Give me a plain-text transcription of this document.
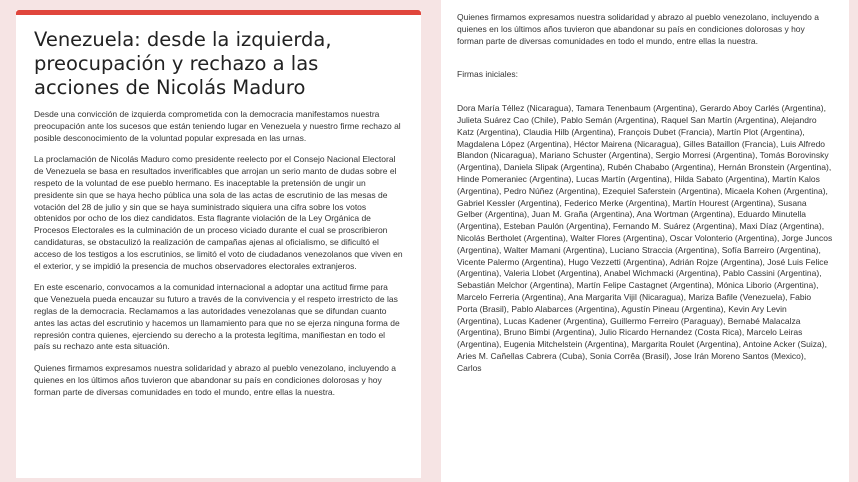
Venezuela: desde la izquierda, preocupación y rechazo a las acciones de Nicolás Maduro

Desde una convicción de izquierda comprometida con la democracia manifestamos nuestra preocupación ante los sucesos que están teniendo lugar en Venezuela y nuestro firme rechazo al posible desconocimiento de la voluntad popular expresada en las urnas.

La proclamación de Nicolás Maduro como presidente reelecto por el Consejo Nacional Electoral de Venezuela se basa en resultados inverificables que arrojan un serio manto de dudas sobre el respeto de la voluntad de ese pueblo hermano. Es inaceptable la pretensión de ungir un presidente sin que se haya hecho pública una sola de las actas de escrutinio de las mesas de votación del 28 de julio y sin que se haya suministrado siquiera una cifra sobre los votos obtenidos por ocho de los diez candidatos. Esta flagrante violación de la Ley Orgánica de Procesos Electorales es la culminación de un proceso viciado durante el cual se proscribieron candidaturas, se obstaculizó la realización de campañas ajenas al oficialismo, se dificultó el acceso de los testigos a los escrutinios, se limitó el voto de ciudadanos venezolanos que viven en el exterior, y se impidió la presencia de muchos observadores electorales extranjeros.

En este escenario, convocamos a la comunidad internacional a adoptar una actitud firme para que Venezuela pueda encauzar su futuro a través de la convivencia y el respeto irrestricto de las reglas de la democracia. Reclamamos a las autoridades venezolanas que se difundan cuanto antes las actas del escrutinio y hacemos un llamamiento para que no se ejerza ninguna forma de represión contra quienes, ejerciendo su derecho a la protesta legítima, manifiestan en todo el país su rechazo ante esta situación.

Quienes firmamos expresamos nuestra solidaridad y abrazo al pueblo venezolano, incluyendo a quienes en los últimos años tuvieron que abandonar su país en condiciones dolorosas y hoy forman parte de diversas comunidades en todo el mundo, entre ellas la nuestra.

Quienes firmamos expresamos nuestra solidaridad y abrazo al pueblo venezolano, incluyendo a quienes en los últimos años tuvieron que abandonar su país en condiciones dolorosas y hoy forman parte de diversas comunidades en todo el mundo, entre ellas la nuestra.

Firmas iniciales:

Dora María Téllez (Nicaragua), Tamara Tenenbaum (Argentina), Gerardo Aboy Carlés (Argentina), Julieta Suárez Cao (Chile), Pablo Semán (Argentina), Raquel San Martín (Argentina), Alejandro Katz (Argentina), Claudia Hilb (Argentina), François Dubet (Francia), Martín Plot (Argentina), Magdalena López (Argentina), Héctor Mairena (Nicaragua), Gilles Bataillon (Francia), Luis Alfredo Blandon (Nicaragua), Mariano Schuster (Argentina), Sergio Morresi (Argentina), Tomás Borovinsky (Argentina), Daniela Slipak (Argentina), Rubén Chababo (Argentina), Hernán Bronstein (Argentina), Hinde Pomeraniec (Argentina), Lucas Martín (Argentina), Hilda Sabato (Argentina), Martín Kalos (Argentina), Pedro Núñez (Argentina), Ezequiel Saferstein (Argentina), Micaela Kohen (Argentina), Gabriel Kessler (Argentina), Federico Merke (Argentina), Martín Hourest (Argentina), Susana Gelber (Argentina), Juan M. Graña (Argentina), Ana Wortman (Argentina), Eduardo Minutella (Argentina), Esteban Paulón (Argentina), Fernando M. Suárez (Argentina), Maxi Díaz (Argentina), Nicolás Bertholet (Argentina), Walter Flores (Argentina), Oscar Volonterio (Argentina), Jorge Juncos (Argentina), Walter Mamani (Argentina), Luciano Straccia (Argentina), Sofía Barreiro (Argentina), Vicente Palermo (Argentina), Hugo Vezzetti (Argentina), Adrián Rojze (Argentina), José Luis Felice (Argentina), Valeria Llobet (Argentina), Anabel Wichmacki (Argentina), Pablo Cassini (Argentina), Sebastián Melchor (Argentina), Martín Felipe Castagnet (Argentina), Mónica Liborio (Argentina), Marcelo Ferreria (Argentina), Ana Margarita Vijil (Nicaragua), Mariza Bafile (Venezuela), Fabio Porta (Brasil), Pablo Alabarces (Argentina), Agustín Pineau (Argentina), Kevin Ary Levin (Argentina), Lucas Kadener (Argentina), Guillermo Ferreiro (Paraguay), Bernabé Malacalza (Argentina), Bruno Bimbi (Argentina), Julio Ricardo Hernandez (Costa Rica), Marcelo Leiras (Argentina), Eugenia Mitchelstein (Argentina), Margarita Roulet (Argentina), Antoine Acker (Suiza), Aries M. Cañellas Cabrera (Cuba), Sonia Corrêa (Brasil), Jose Irán Moreno Santos (Mexico), Carlos
